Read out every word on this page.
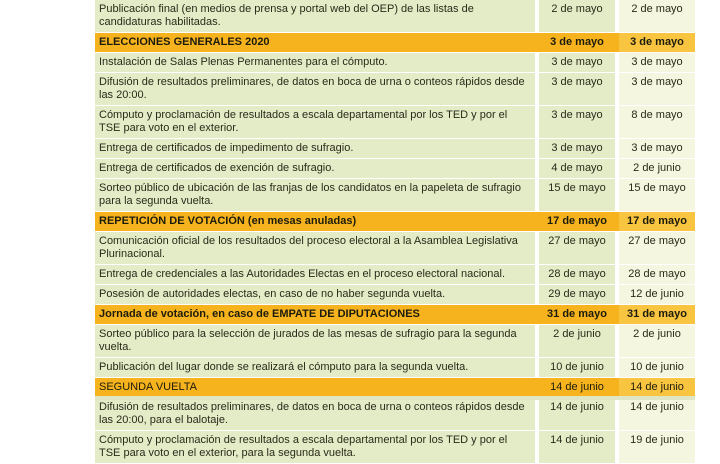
Publicación final (en medios de prensa y portal web del OEP) de las listas de candidaturas habilitadas.		2 de mayo		2 de mayo
ELECCIONES GENERALES 2020		3 de mayo		3 de mayo
Instalación de Salas Plenas Permanentes para el cómputo.		3 de mayo		3 de mayo
Difusión de resultados preliminares, de datos en boca de urna o conteos rápidos desde las 20:00.		3 de mayo		3 de mayo
Cómputo y proclamación de resultados a escala departamental por los TED y por el TSE para voto en el exterior.		3 de mayo		8 de mayo
Entrega de certificados de impedimento de sufragio.		3 de mayo		3 de mayo
Entrega de certificados de exención de sufragio.		4 de mayo		2 de junio
Sorteo público de ubicación de las franjas de los candidatos en la papeleta de sufragio para la segunda vuelta.		15 de mayo		15 de mayo
REPETICIÓN DE VOTACIÓN (en mesas anuladas)		17 de mayo		17 de mayo
Comunicación oficial de los resultados del proceso electoral a la Asamblea Legislativa Plurinacional.		27 de mayo		27 de mayo
Entrega de credenciales a las Autoridades Electas en el proceso electoral nacional.		28 de mayo		28 de mayo
Posesión de autoridades electas, en caso de no haber segunda vuelta.		29 de mayo		12 de junio
Jornada de votación, en caso de EMPATE DE DIPUTACIONES		31 de mayo		31 de mayo
Sorteo público para la selección de jurados de las mesas de sufragio para la segunda vuelta.		2 de junio		2 de junio
Publicación del lugar donde se realizará el cómputo para la segunda vuelta.		10 de junio		10 de junio
SEGUNDA VUELTA		14 de junio		14 de junio
Difusión de resultados preliminares, de datos en boca de urna o conteos rápidos desde las 20:00, para el balotaje.		14 de junio		14 de junio
Cómputo y proclamación de resultados a escala departamental por los TED y por el TSE para voto en el exterior, para la segunda vuelta.		14 de junio		19 de junio
